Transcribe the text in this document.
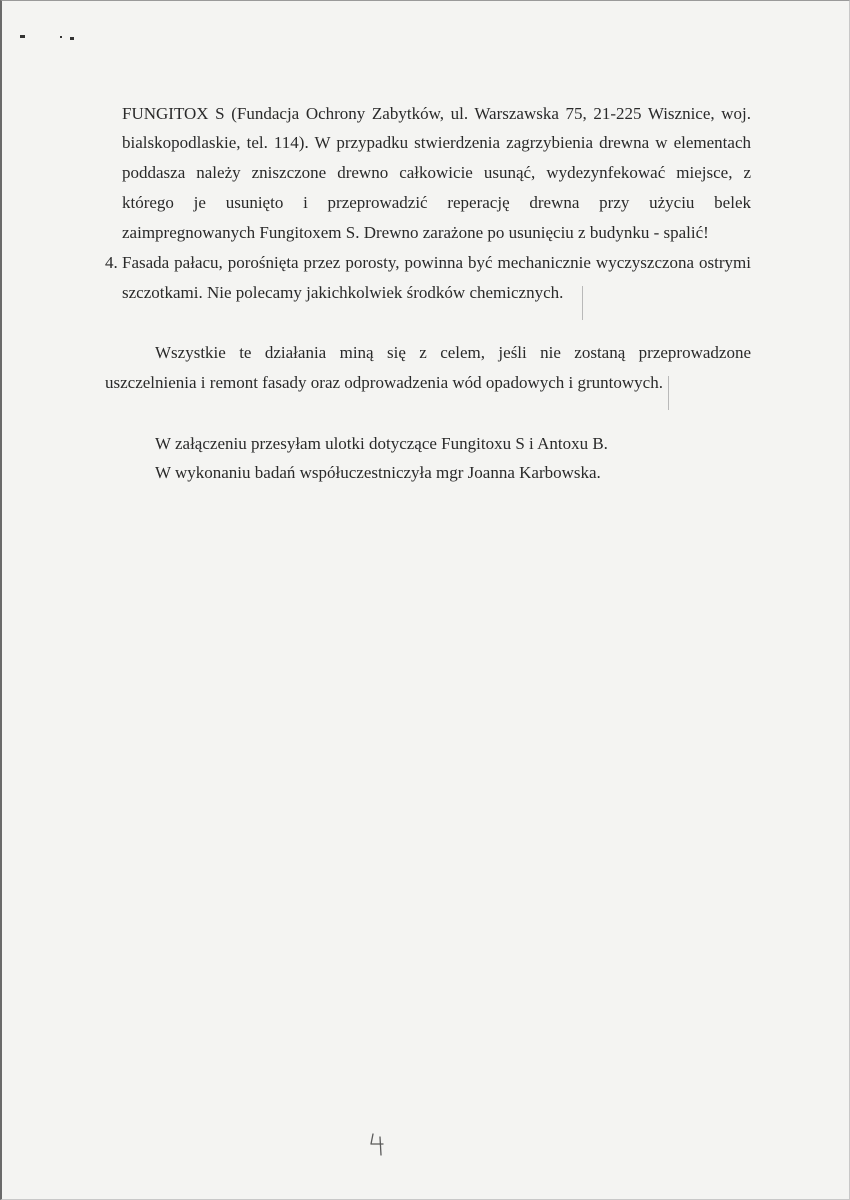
FUNGITOX S (Fundacja Ochrony Zabytków, ul. Warszawska 75, 21-225 Wisznice, woj.
bialskopodlaskie, tel. 114). W przypadku stwierdzenia zagrzybienia drewna w elementach
poddasza należy zniszczone drewno całkowicie usunąć, wydezynfekować miejsce, z
którego je usunięto i przeprowadzić reperację drewna przy użyciu belek
zaimpregnowanych Fungitoxem S. Drewno zarażone po usunięciu z budynku - spalić!
4. Fasada pałacu, porośnięta przez porosty, powinna być mechanicznie wyczyszczona ostrymi
szczotkami. Nie polecamy jakichkolwiek środków chemicznych.
Wszystkie te działania miną się z celem, jeśli nie zostaną przeprowadzone
uszczelnienia i remont fasady oraz odprowadzenia wód opadowych i gruntowych.
W załączeniu przesyłam ulotki dotyczące Fungitoxu S i Antoxu B.
W wykonaniu badań współuczestniczyła mgr Joanna Karbowska.
